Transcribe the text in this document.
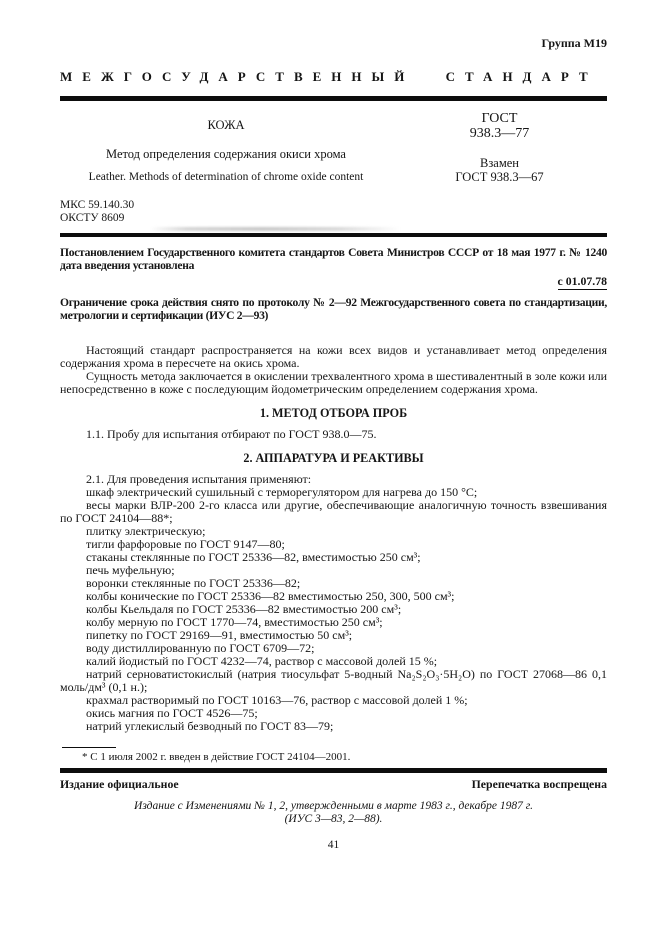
Группа М19
МЕЖГОСУДАРСТВЕННЫЙ СТАНДАРТ
КОЖА
Метод определения содержания окиси хрома
Leather. Methods of determination of chrome oxide content
ГОСТ
938.3—77
Взамен
ГОСТ 938.3—67
МКС 59.140.30
ОКСТУ 8609

Постановлением Государственного комитета стандартов Совета Министров СССР от 18 мая 1977 г. № 1240 дата введения установлена

с 01.07.78

Ограничение срока действия снято по протоколу № 2—92 Межгосударственного совета по стандартизации, метрологии и сертификации (ИУС 2—93)

Настоящий стандарт распространяется на кожи всех видов и устанавливает метод определения содержания хрома в пересчете на окись хрома.

Сущность метода заключается в окислении трехвалентного хрома в шестивалентный в золе кожи или непосредственно в коже с последующим йодометрическим определением содержания хрома.

1. МЕТОД ОТБОРА ПРОБ

1.1. Пробу для испытания отбирают по ГОСТ 938.0—75.

2. АППАРАТУРА И РЕАКТИВЫ

2.1. Для проведения испытания применяют:

шкаф электрический сушильный с терморегулятором для нагрева до 150 °С;

весы марки ВЛР-200 2-го класса или другие, обеспечивающие аналогичную точность взвешивания по ГОСТ 24104—88*;

плитку электрическую;

тигли фарфоровые по ГОСТ 9147—80;

стаканы стеклянные по ГОСТ 25336—82, вместимостью 250 см³;

печь муфельную;

воронки стеклянные по ГОСТ 25336—82;

колбы конические по ГОСТ 25336—82 вместимостью 250, 300, 500 см³;

колбы Кьельдаля по ГОСТ 25336—82 вместимостью 200 см³;

колбу мерную по ГОСТ 1770—74, вместимостью 250 см³;

пипетку по ГОСТ 29169—91, вместимостью 50 см³;

воду дистиллированную по ГОСТ 6709—72;

калий йодистый по ГОСТ 4232—74, раствор с массовой долей 15 %;

натрий серноватистокислый (натрия тиосульфат 5-водный Na₂S₂O₃·5H₂O) по ГОСТ 27068—86 0,1 моль/дм³ (0,1 н.);

крахмал растворимый по ГОСТ 10163—76, раствор с массовой долей 1 %;

окись магния по ГОСТ 4526—75;

натрий углекислый безводный по ГОСТ 83—79;

* С 1 июля 2002 г. введен в действие ГОСТ 24104—2001.

Издание официальное	Перепечатка воспрещена
Издание с Изменениями № 1, 2, утвержденными в марте 1983 г., декабре 1987 г.
(ИУС 3—83, 2—88).
41
